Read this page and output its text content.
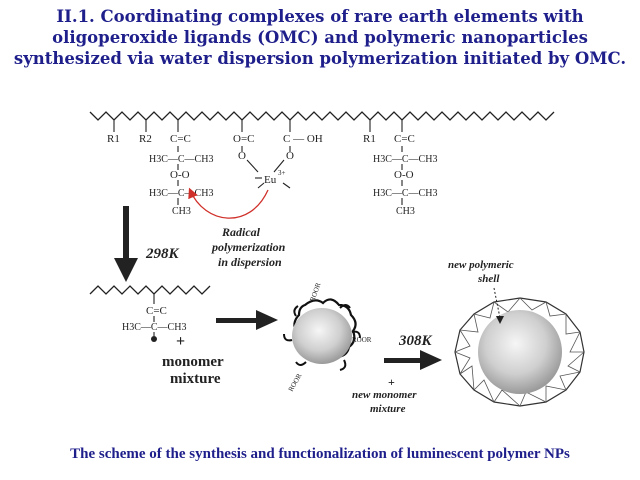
II.1. Coordinating complexes of rare earth elements with
oligoperoxide ligands (OMC) and polymeric nanoparticles
synthesized via water dispersion polymerization initiated by OMC.
R1 R2 C=C
H3C—C—CH3
O-O
H3C—C—CH3
CH3
O=C
O
C — OH
O
Eu
3+
R1 C=C
H3C—C—CH3
O-O
H3C—C—CH3
CH3
298K
Radical
polymerization
in dispersion
C=C
H3C—C—CH3
+
monomer
mixture
ROOR
ROOR
ROOR
308K
+
new monomer
mixture
new polymeric
shell
The scheme of the synthesis and functionalization of luminescent polymer NPs
